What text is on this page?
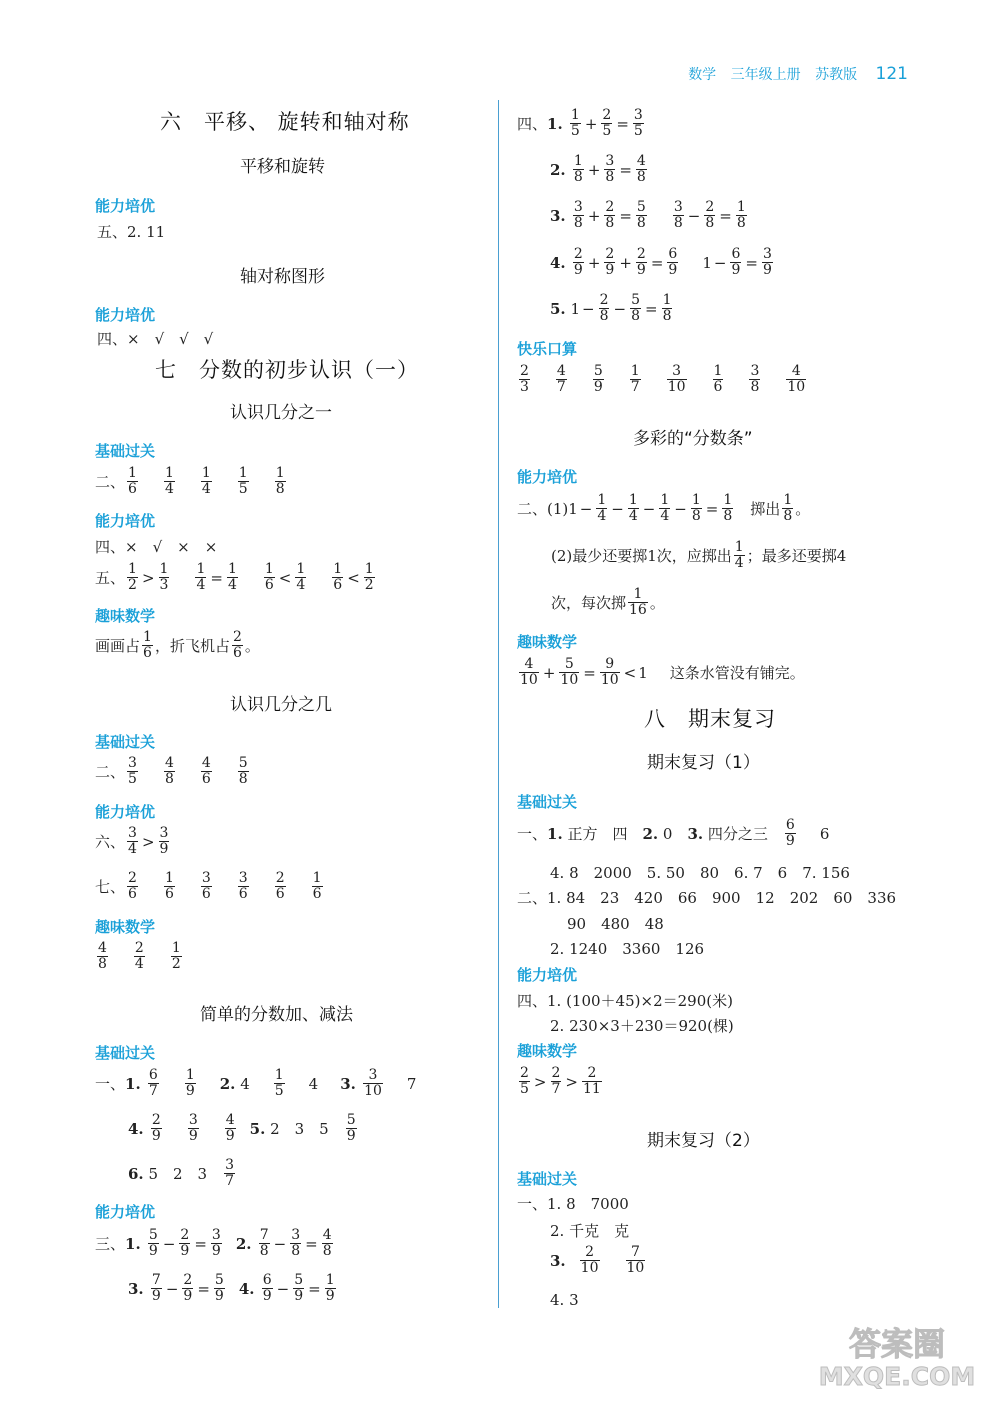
数学 三年级上册 苏教版 121
六　平移、 旋转和轴对称
平移和旋转
能力培优
五、2. 11
轴对称图形
能力培优
四、×　√　√　√
七　分数的初步认识（一）
认识几分之一
基础过关
二、 1
6
1
4
1
4
1
5
1
8
能力培优
四、×　√　×　×
五、 1
2 > 1
$3 \frac{1}{4} = \frac{1}{4} 1$
6 < 1
4
1
6 < 1
2
趣味数学
画画占 1
6 ，折飞机占 2
6 。
认识几分之几
基础过关
二、 3
5
4
8
4
6
5
8
能力培优
六、 3
4 > 3
9
七、 2
6
1
6
3
6
3
6
2
6
1
6
趣味数学
4
8
2
4
1
2
简单的分数加、减法
基础过关
一、 1. 6
7
1
9 2. 4 1
5 4 3. 3
10 7
4. 2
9
3
9
4
9 5. 2　3　5　 5
9
6. 5　2　3　 3
7
能力培优
三、 1. 5
$9 - \frac{2}{9} = \frac{3}{9} 2$. 7
$8 - \frac{3}{8} = \frac{4}{8}$
3. 7
$9 - \frac{2}{9} = \frac{5}{9} 4$. 6
$9 - \frac{5}{9} = \frac{1}{9}$
四、 1. 1
$5 + \frac{2}{5} = \frac{3}{5}$
2. 1
$8 + \frac{3}{8} = \frac{4}{8}$
3. 3
$8 + \frac{2}{8} = \frac{5}{8} 3$
$8 - \frac{2}{8} = \frac{1}{8}$
4. 2
$9 + \frac{2}{9} + \frac{2}{9} = \frac{6}{9} 1 - \frac{6}{9} = \frac{3}{9}$
5. $1 - \frac{2}{8} - \frac{5}{8} = \frac{1}{8}$
快乐口算
2
3
4
7
5
9
1
7
3
10
1
6
3
8
4
10
多彩的“分数条”
能力培优
二、$(1)1 - \frac{1}{4} - \frac{1}{4} - \frac{1}{4} - \frac{1}{8} = \frac{1}{8}$ 　掷出 1
8 。
(2)最少还要掷1次，应掷出 1
4 ；最多还要掷4
次，每次掷 1
16 。
趣味数学
4
$10 + \frac{5}{10} = \frac{9}{10} < 1$ 这条水管没有铺完。
八　期末复习
期末复习（1）
基础过关
一、 1. 正方　四　 2. 0　 3. 四分之三　 6
9 6
4. 8　2000　5. 50　80　6. 7　6　7. 156
二、1. 84　23　420　66　900　12　202　60　336
90　480　48
2. 1240　3360　126
能力培优
四、1. (100＋45)×2＝290(米)
2. 230×3＋230＝920(棵)
趣味数学
2
5 > 2
7 > 2
11
期末复习（2）
基础过关
一、1. 8　7000
2. 千克　克
3. 2
10
7
10
4. 3
答案圈
MXQE.COM
